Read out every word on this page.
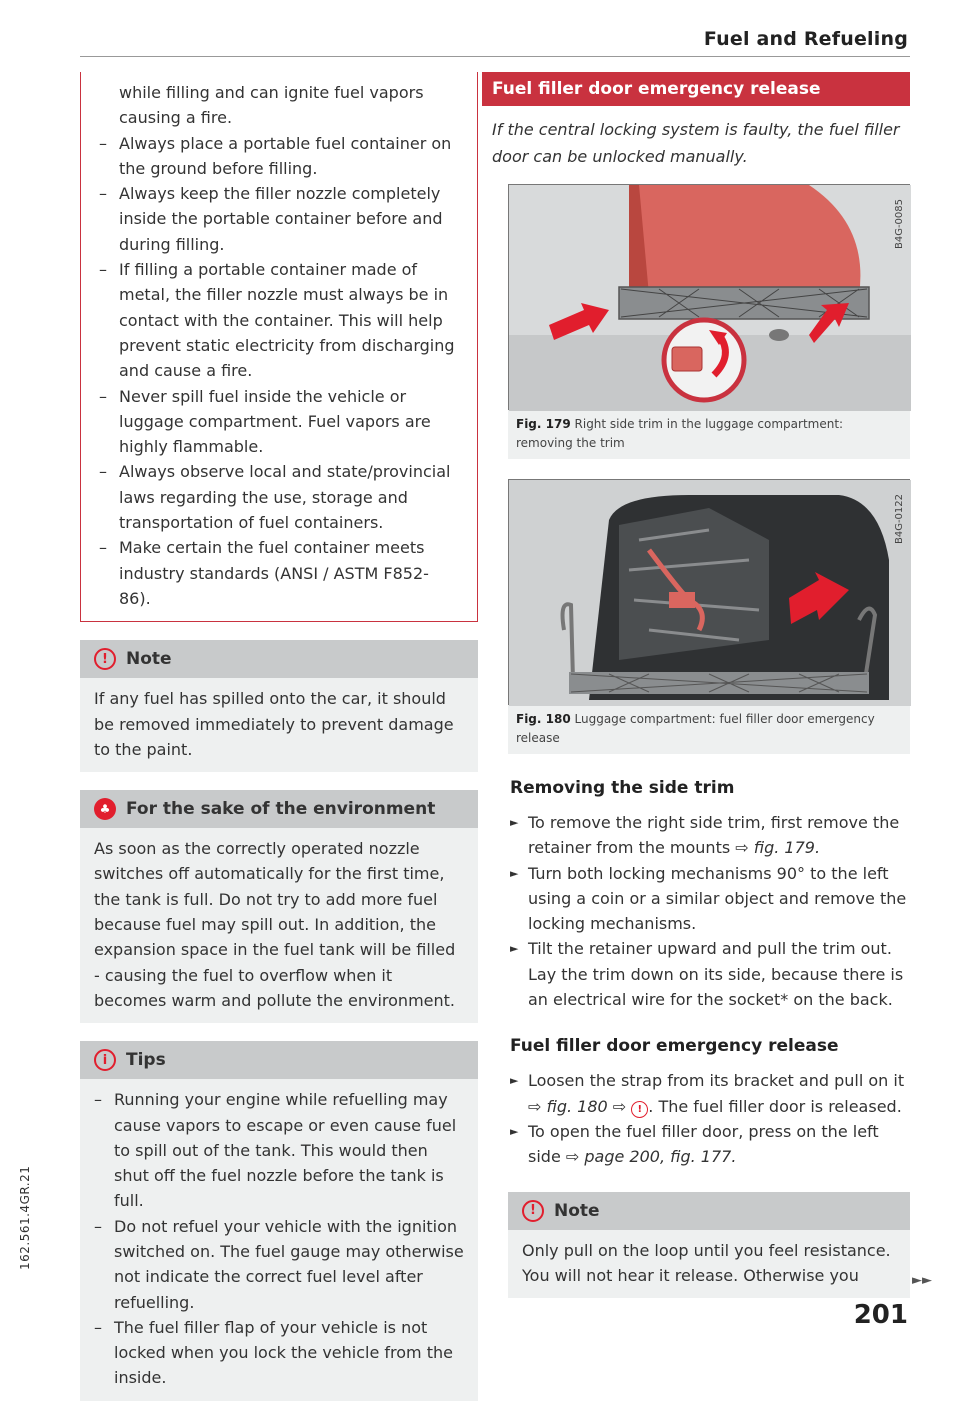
Fuel and Refueling
162.561.4GR.21
while filling and can ignite fuel vapors
causing a fire.
– Always place a portable fuel container on the ground before filling.
– Always keep the filler nozzle completely inside the portable container before and during filling.
– If filling a portable container made of metal, the filler nozzle must always be in contact with the container. This will help prevent static electricity from discharging and cause a fire.
– Never spill fuel inside the vehicle or luggage compartment. Fuel vapors are highly flammable.
– Always observe local and state/provincial laws regarding the use, storage and transportation of fuel containers.
– Make certain the fuel container meets industry standards (ANSI / ASTM F852-86).
!	Note
If any fuel has spilled onto the car, it should be removed immediately to prevent damage to the paint.
♣ For the sake of the environment
As soon as the correctly operated nozzle switches off automatically for the first time, the tank is full. Do not try to add more fuel because fuel may spill out. In addition, the expansion space in the fuel tank will be filled - causing the fuel to overflow when it becomes warm and pollute the environment.
i	Tips
– Running your engine while refuelling may cause vapors to escape or even cause fuel to spill out of the tank. This would then shut off the fuel nozzle before the tank is full.
– Do not refuel your vehicle with the ignition switched on. The fuel gauge may otherwise not indicate the correct fuel level after refuelling.
– The fuel filler flap of your vehicle is not locked when you lock the vehicle from the inside.
Fuel filler door emergency release
If the central locking system is faulty, the fuel filler door can be unlocked manually.
B4G-0085
Fig. 179 Right side trim in the luggage compartment: removing the trim
B4G-0122
Fig. 180 Luggage compartment: fuel filler door emergency release
Removing the side trim
► To remove the right side trim, first remove the retainer from the mounts ⇨ fig. 179.
► Turn both locking mechanisms 90° to the left using a coin or a similar object and remove the locking mechanisms.
► Tilt the retainer upward and pull the trim out. Lay the trim down on its side, because there is an electrical wire for the socket* on the back.
Fuel filler door emergency release
► Loosen the strap from its bracket and pull on it ⇨ fig. 180 ⇨ ! . The fuel filler door is released.
► To open the fuel filler door, press on the left side ⇨ page 200, fig. 177.
!	Note
Only pull on the loop until you feel resistance. You will not hear it release. Otherwise you	►►
201
